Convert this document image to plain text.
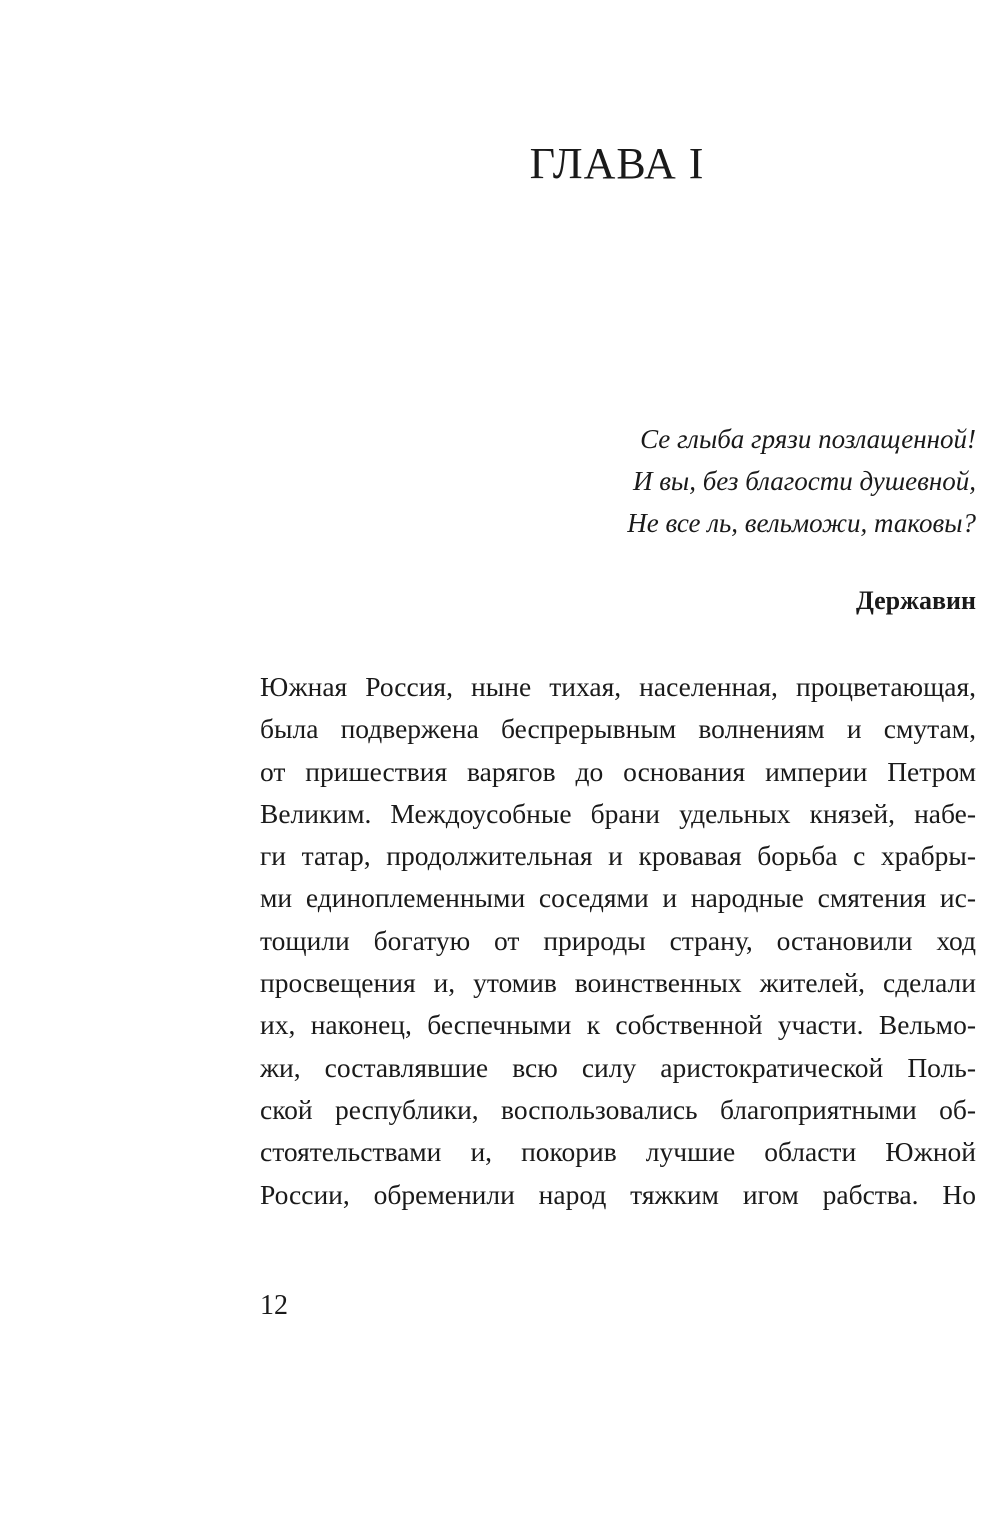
ГЛАВА I
Се глыба грязи позлащенной!
И вы, без благости душевной,
Не все ль, вельможи, таковы?
Державин
Южная Россия, ныне тихая, населенная, процветающая,
была подвержена беспрерывным волнениям и смутам,
от пришествия варягов до основания империи Петром
Великим. Междоусобные брани удельных князей, набе-
ги татар, продолжительная и кровавая борьба с храбры-
ми единоплеменными соседями и народные смятения ис-
тощили богатую от природы страну, остановили ход
просвещения и, утомив воинственных жителей, сделали
их, наконец, беспечными к собственной участи. Вельмо-
жи, составлявшие всю силу аристократической Поль-
ской республики, воспользовались благоприятными об-
стоятельствами и, покорив лучшие области Южной
России, обременили народ тяжким игом рабства. Но
12
